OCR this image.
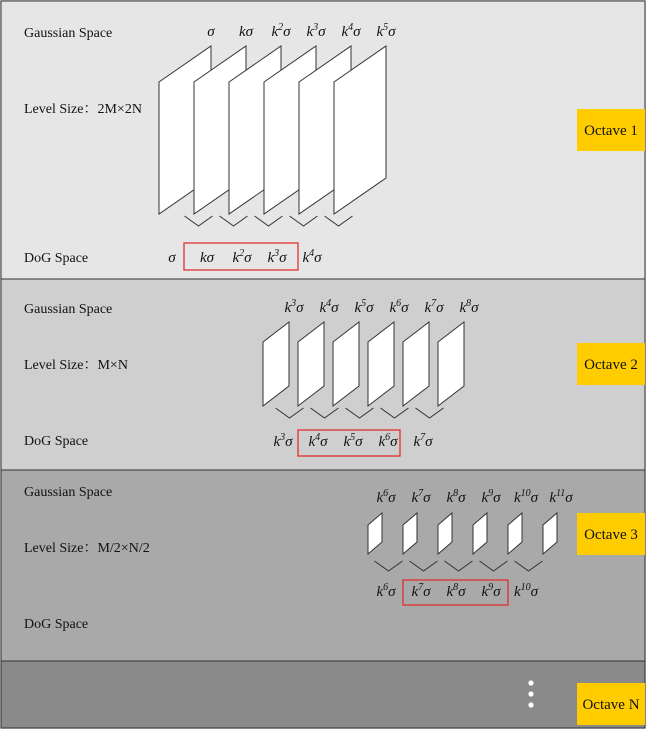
Gaussian Space
Level Size：2M×2N
DoG Space
σ kσ $k^2\sigma$ $k^3\sigma$ $k^4\sigma$ $k^5\sigma$
σ kσ $k^2\sigma$ $k^3\sigma$ $k^4\sigma$
Octave 1
Gaussian Space
Level Size：M×N
DoG Space
$k^3\sigma$ $k^4\sigma$ $k^5\sigma$ $k^6\sigma$ $k^7\sigma$ $k^8\sigma$
$k^3\sigma$ $k^4\sigma$ $k^5\sigma$ $k^6\sigma$ $k^7\sigma$
Octave 2
Gaussian Space
Level Size：M/2×N/2
DoG Space
$k^6\sigma$ $k^7\sigma$ $k^8\sigma$ $k^9\sigma$ $k^{10}\sigma$ $k^{11}\sigma$
$k^6\sigma$ $k^7\sigma$ $k^8\sigma$ $k^9\sigma$ $k^{10}\sigma$
Octave 3
Octave N
